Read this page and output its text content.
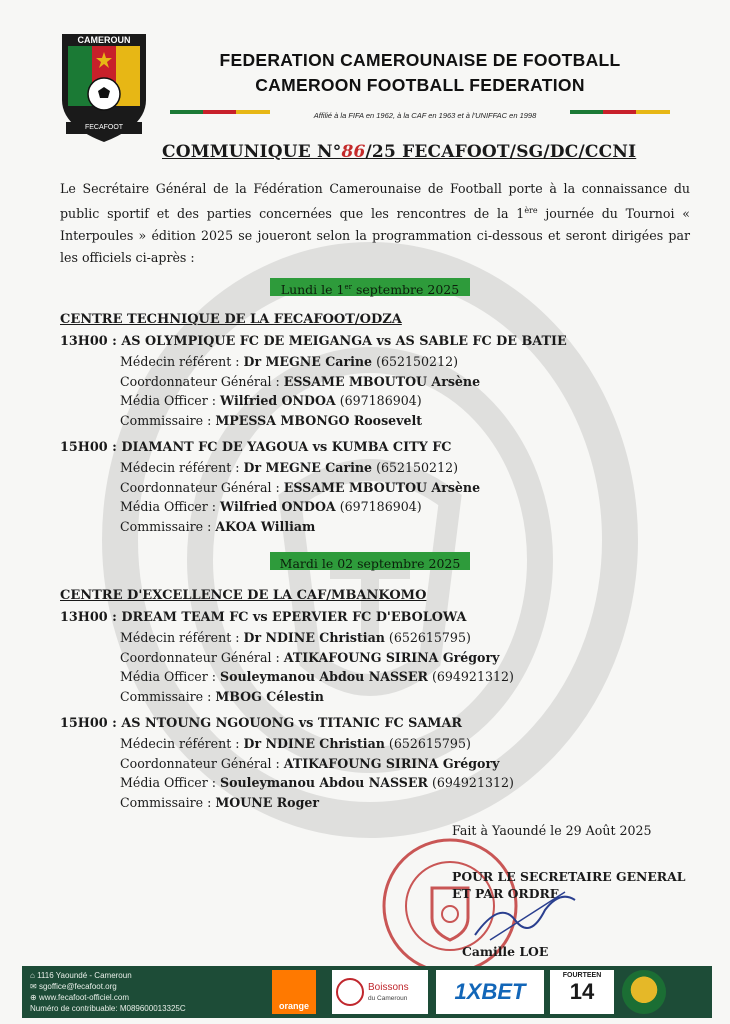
CAMEROUN
FECAFOOT
FEDERATION CAMEROUNAISE DE FOOTBALL
CAMEROON FOOTBALL FEDERATION
Affilié à la FIFA en 1962, à la CAF en 1963 et à l'UNIFFAC en 1998
COMMUNIQUE N°86/25 FECAFOOT/SG/DC/CCNI
Le Secrétaire Général de la Fédération Camerounaise de Football porte à la connaissance du public sportif et des parties concernées que les rencontres de la 1ère journée du Tournoi « Interpoules » édition 2025 se joueront selon la programmation ci-dessous et seront dirigées par les officiels ci-après :
Lundi le 1er septembre 2025
CENTRE TECHNIQUE DE LA FECAFOOT/ODZA
13H00 : AS OLYMPIQUE FC DE MEIGANGA vs AS SABLE FC DE BATIE
Médecin référent : Dr MEGNE Carine (652150212)
Coordonnateur Général : ESSAME MBOUTOU Arsène
Média Officer : Wilfried ONDOA (697186904)
Commissaire : MPESSA MBONGO Roosevelt
15H00 : DIAMANT FC DE YAGOUA vs KUMBA CITY FC
Médecin référent : Dr MEGNE Carine (652150212)
Coordonnateur Général : ESSAME MBOUTOU Arsène
Média Officer : Wilfried ONDOA (697186904)
Commissaire : AKOA William
Mardi le 02 septembre 2025
CENTRE D'EXCELLENCE DE LA CAF/MBANKOMO
13H00 : DREAM TEAM FC vs EPERVIER FC D'EBOLOWA
Médecin référent : Dr NDINE Christian (652615795)
Coordonnateur Général : ATIKAFOUNG SIRINA Grégory
Média Officer : Souleymanou Abdou NASSER (694921312)
Commissaire : MBOG Célestin
15H00 : AS NTOUNG NGOUONG vs TITANIC FC SAMAR
Médecin référent : Dr NDINE Christian (652615795)
Coordonnateur Général : ATIKAFOUNG SIRINA Grégory
Média Officer : Souleymanou Abdou NASSER (694921312)
Commissaire : MOUNE Roger
Fait à Yaoundé le 29 Août 2025
POUR LE SECRETAIRE GENERAL
ET PAR ORDRE
Camille LOE
⌂ 1116 Yaoundé - Cameroun
✉ sgoffice@fecafoot.org
⊕ www.fecafoot-officiel.com
Numéro de contribuable: M089600013325C	orange
Boissons
du Cameroun	1XBET
FOURTEEN
14
